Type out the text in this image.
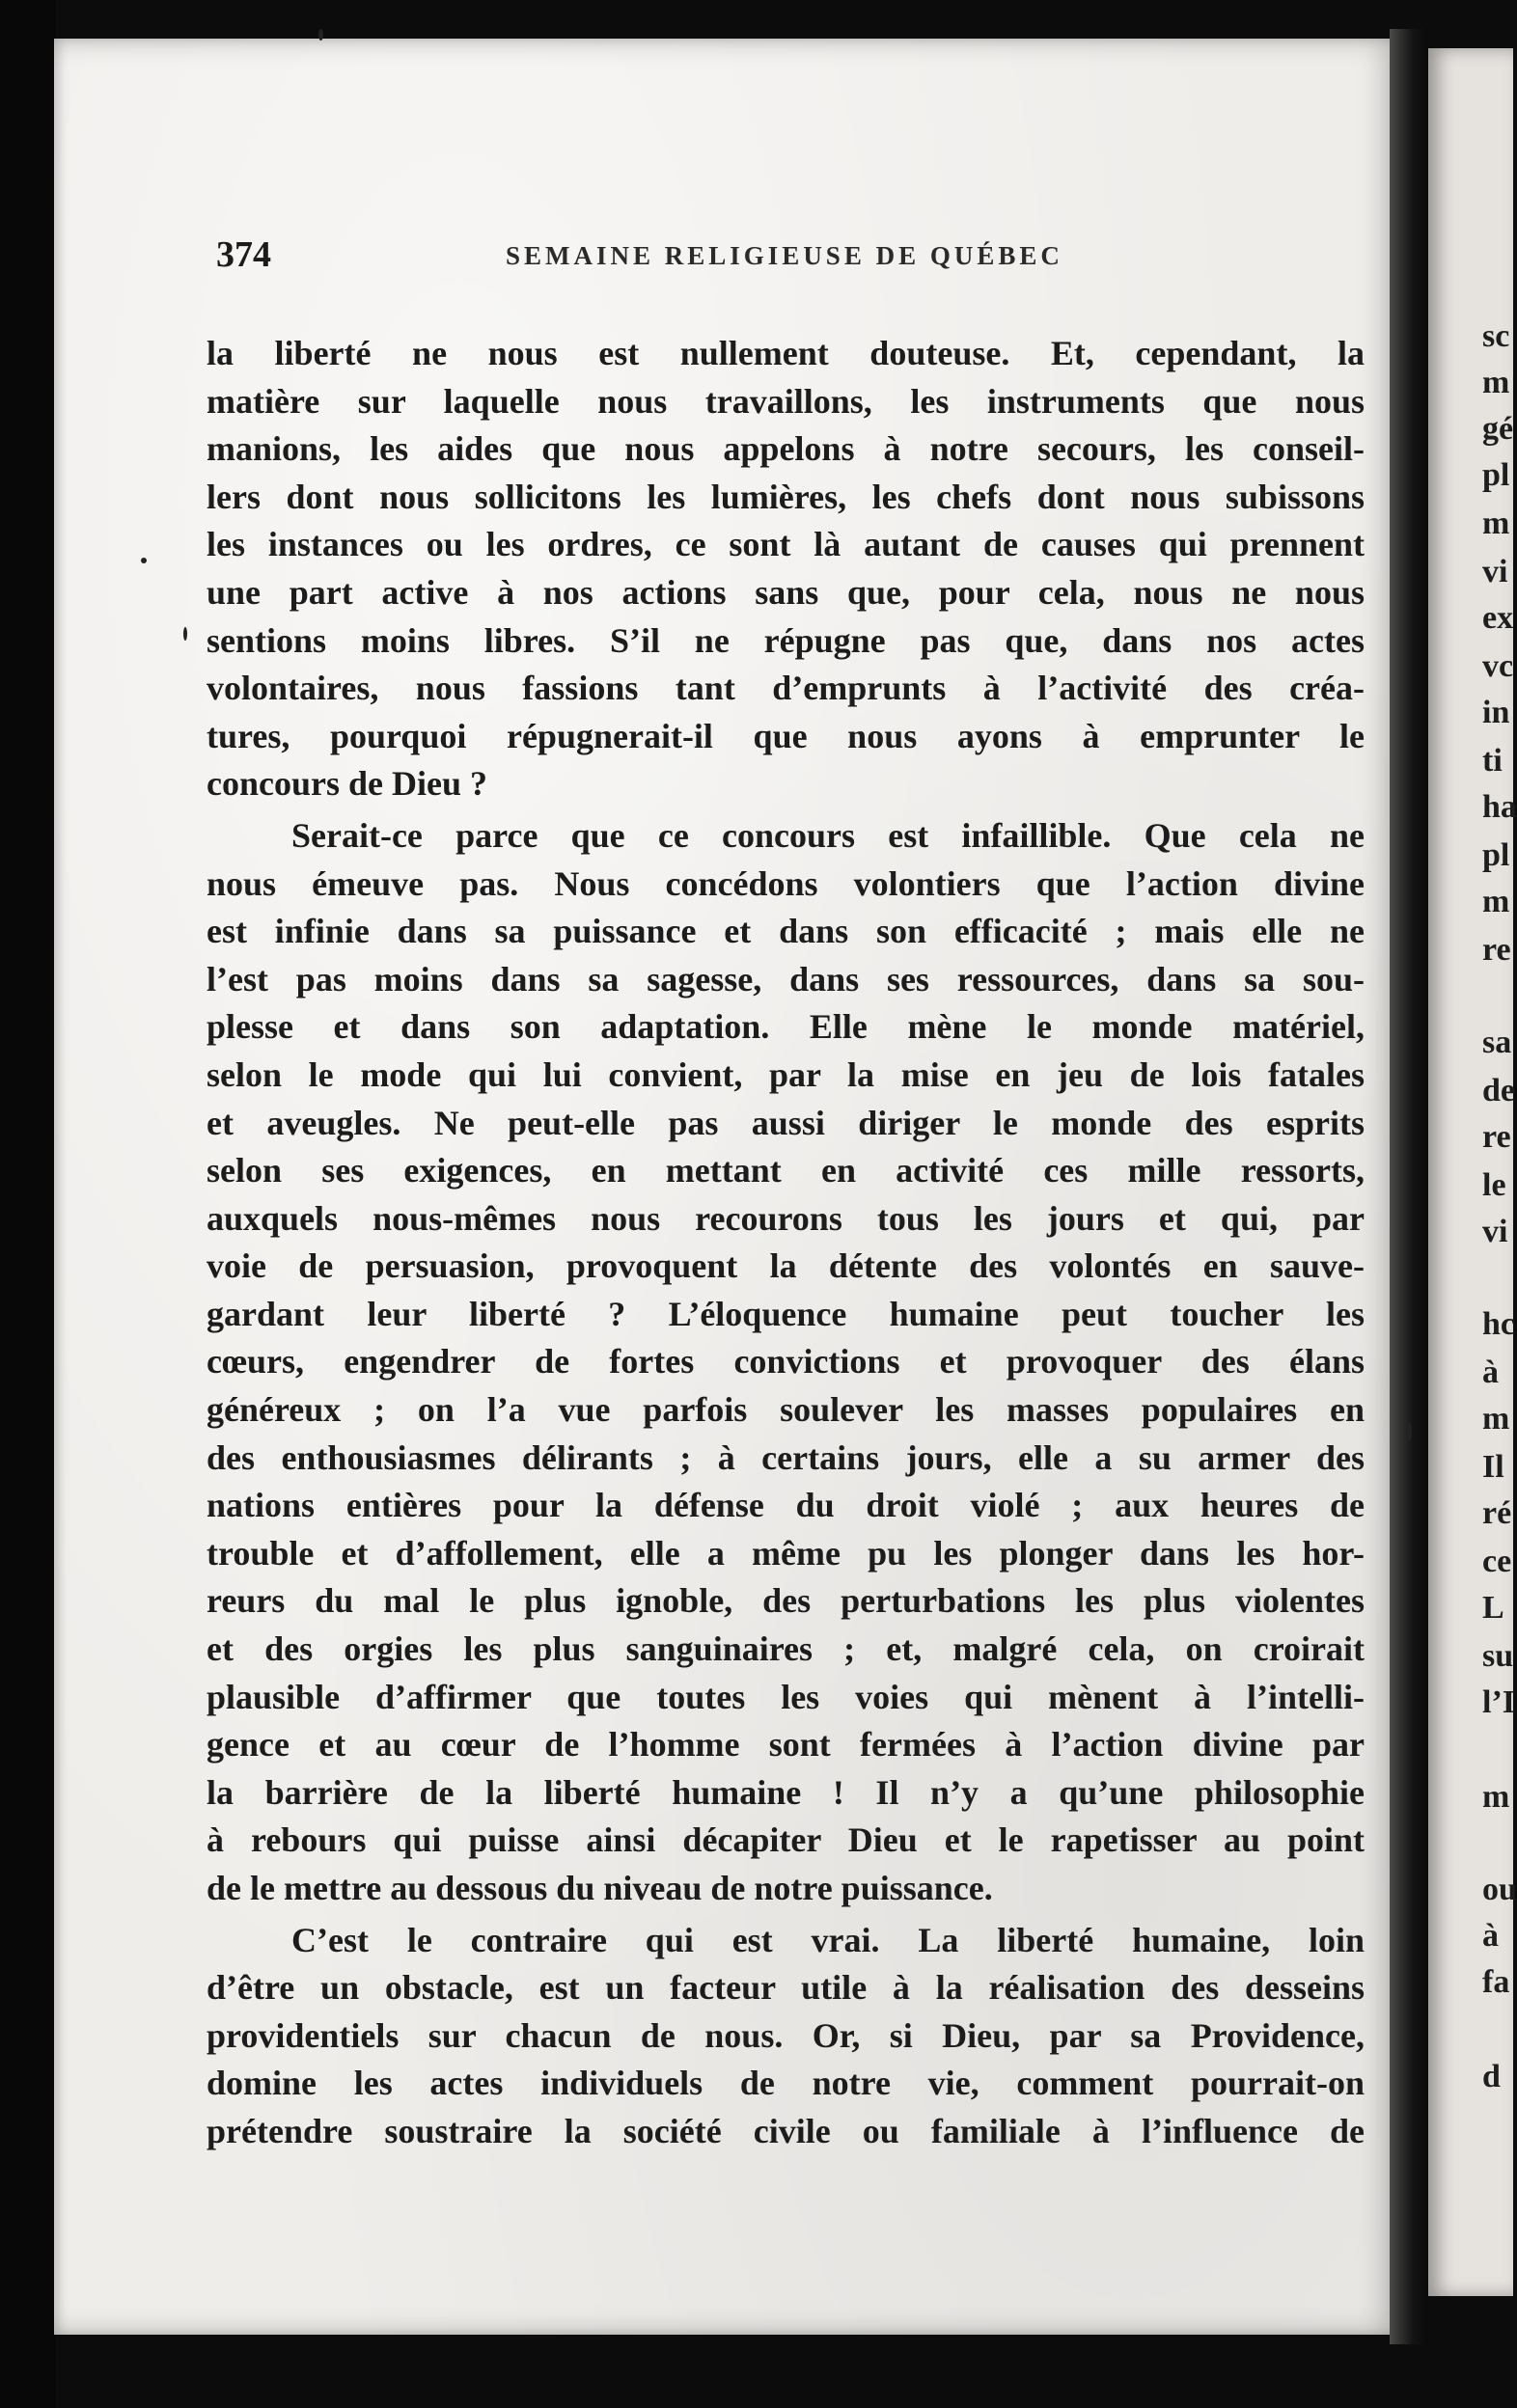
374	SEMAINE RELIGIEUSE DE QUÉBEC
la liberté ne nous est nullement douteuse. Et, cependant, la
matière sur laquelle nous travaillons, les instruments que nous
manions, les aides que nous appelons à notre secours, les conseil-
lers dont nous sollicitons les lumières, les chefs dont nous subissons
les instances ou les ordres, ce sont là autant de causes qui prennent
une part active à nos actions sans que, pour cela, nous ne nous
sentions moins libres. S’il ne répugne pas que, dans nos actes
volontaires, nous fassions tant d’emprunts à l’activité des créa-
tures, pourquoi répugnerait-il que nous ayons à emprunter le
concours de Dieu ?
Serait-ce parce que ce concours est infaillible. Que cela ne
nous émeuve pas. Nous concédons volontiers que l’action divine
est infinie dans sa puissance et dans son efficacité ; mais elle ne
l’est pas moins dans sa sagesse, dans ses ressources, dans sa sou-
plesse et dans son adaptation. Elle mène le monde matériel,
selon le mode qui lui convient, par la mise en jeu de lois fatales
et aveugles. Ne peut-elle pas aussi diriger le monde des esprits
selon ses exigences, en mettant en activité ces mille ressorts,
auxquels nous-mêmes nous recourons tous les jours et qui, par
voie de persuasion, provoquent la détente des volontés en sauve-
gardant leur liberté ? L’éloquence humaine peut toucher les
cœurs, engendrer de fortes convictions et provoquer des élans
généreux ; on l’a vue parfois soulever les masses populaires en
des enthousiasmes délirants ; à certains jours, elle a su armer des
nations entières pour la défense du droit violé ; aux heures de
trouble et d’affollement, elle a même pu les plonger dans les hor-
reurs du mal le plus ignoble, des perturbations les plus violentes
et des orgies les plus sanguinaires ; et, malgré cela, on croirait
plausible d’affirmer que toutes les voies qui mènent à l’intelli-
gence et au cœur de l’homme sont fermées à l’action divine par
la barrière de la liberté humaine ! Il n’y a qu’une philosophie
à rebours qui puisse ainsi décapiter Dieu et le rapetisser au point
de le mettre au dessous du niveau de notre puissance.
C’est le contraire qui est vrai. La liberté humaine, loin
d’être un obstacle, est un facteur utile à la réalisation des desseins
providentiels sur chacun de nous. Or, si Dieu, par sa Providence,
domine les actes individuels de notre vie, comment pourrait-on
prétendre soustraire la société civile ou familiale à l’influence de
sc
m
gé
pl
m
vi
ex
vc
in
ti
ha
pl
m
re
sa
de
re
le
vi
hc
à
m
Il
ré
ce
L
su
l’I
m
ou
à
fa
d
